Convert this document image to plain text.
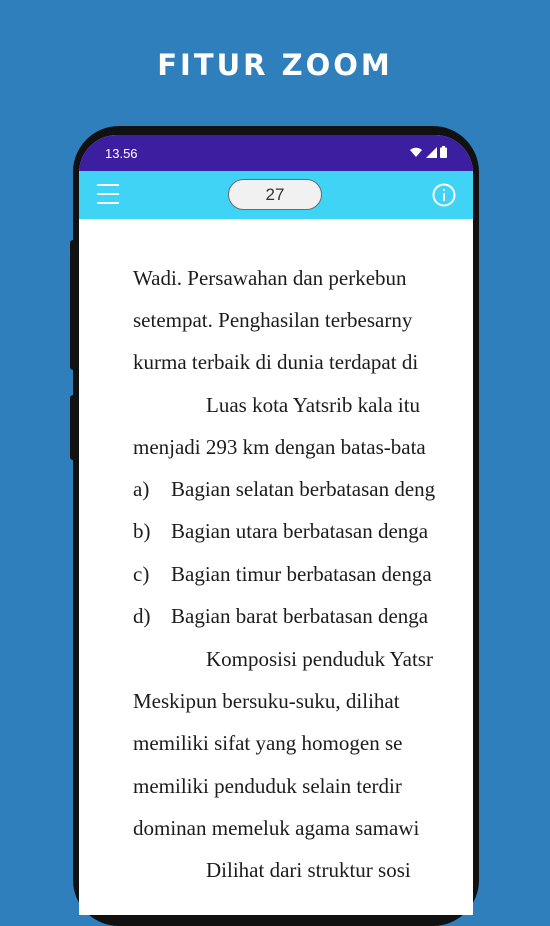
FITUR ZOOM
13.56
27
Wadi. Persawahan dan perkebun
setempat. Penghasilan terbesarny
kurma terbaik di dunia terdapat di
Luas kota Yatsrib kala itu
menjadi 293 km dengan batas-bata
a) Bagian selatan berbatasan deng
b) Bagian utara berbatasan denga
c) Bagian timur berbatasan denga
d) Bagian barat berbatasan denga
Komposisi penduduk Yatsr
Meskipun bersuku-suku, dilihat
memiliki sifat yang homogen se
memiliki penduduk selain terdir
dominan memeluk agama samawi
Dilihat dari struktur sosi
